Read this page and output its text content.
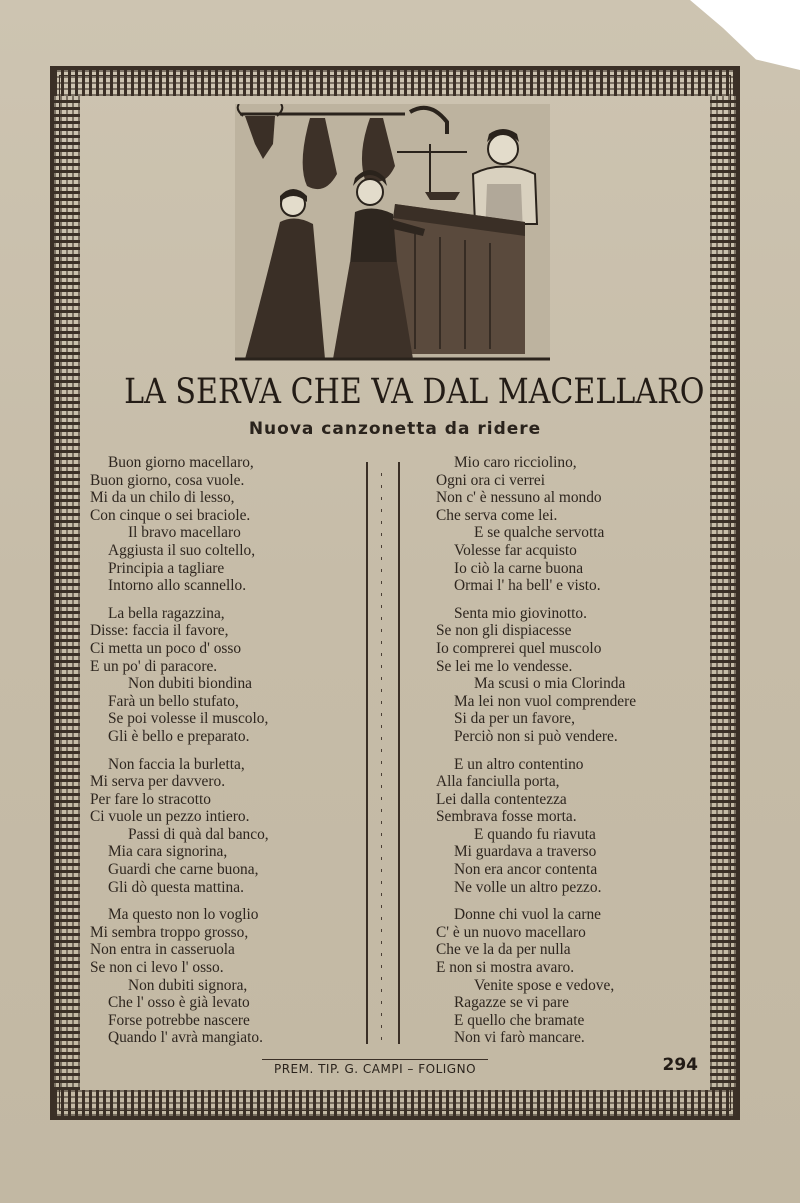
LA SERVA CHE VA DAL MACELLARO
Nuova canzonetta da ridere
Buon giorno macellaro,
Buon giorno, cosa vuole.
Mi da un chilo di lesso,
Con cinque o sei braciole.
Il bravo macellaro
Aggiusta il suo coltello,
Principia a tagliare
Intorno allo scannello.
La bella ragazzina,
Disse: faccia il favore,
Ci metta un poco d' osso
E un po' di paracore.
Non dubiti biondina
Farà un bello stufato,
Se poi volesse il muscolo,
Gli è bello e preparato.
Non faccia la burletta,
Mi serva per davvero.
Per fare lo stracotto
Ci vuole un pezzo intiero.
Passi di quà dal banco,
Mia cara signorina,
Guardi che carne buona,
Gli dò questa mattina.
Ma questo non lo voglio
Mi sembra troppo grosso,
Non entra in casseruola
Se non ci levo l' osso.
Non dubiti signora,
Che l' osso è già levato
Forse potrebbe nascere
Quando l' avrà mangiato.
Mio caro ricciolino,
Ogni ora ci verrei
Non c' è nessuno al mondo
Che serva come lei.
E se qualche servotta
Volesse far acquisto
Io ciò la carne buona
Ormai l' ha bell' e visto.
Senta mio giovinotto.
Se non gli dispiacesse
Io comprerei quel muscolo
Se lei me lo vendesse.
Ma scusi o mia Clorinda
Ma lei non vuol comprendere
Si da per un favore,
Perciò non si può vendere.
E un altro contentino
Alla fanciulla porta,
Lei dalla contentezza
Sembrava fosse morta.
E quando fu riavuta
Mi guardava a traverso
Non era ancor contenta
Ne volle un altro pezzo.
Donne chi vuol la carne
C' è un nuovo macellaro
Che ve la da per nulla
E non si mostra avaro.
Venite spose e vedove,
Ragazze se vi pare
E quello che bramate
Non vi farò mancare.
PREM. TIP. G. CAMPI – FOLIGNO	294
